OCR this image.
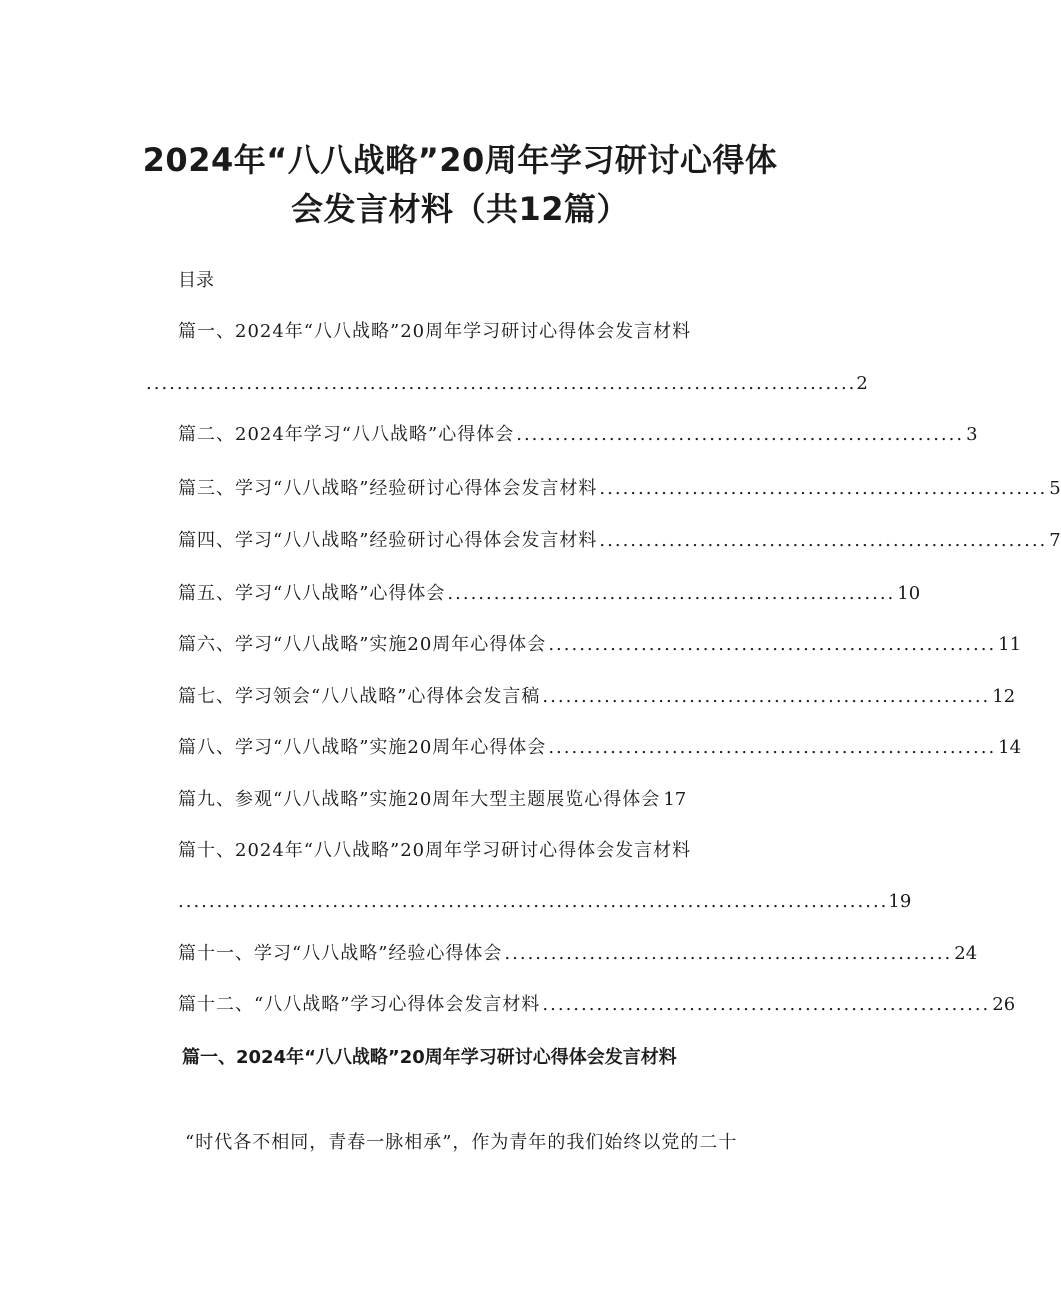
2024年“八八战略”20周年学习研讨心得体
会发言材料（共12篇）
目录
篇一、2024年“八八战略”20周年学习研讨心得体会发言材料
............................................................................................ 2
篇二、2024年学习“八八战略”心得体会 .......................................................... 3
篇三、学习“八八战略”经验研讨心得体会发言材料 .......................................................... 5
篇四、学习“八八战略”经验研讨心得体会发言材料 .......................................................... 7
篇五、学习“八八战略”心得体会 .......................................................... 10
篇六、学习“八八战略”实施20周年心得体会 .......................................................... 11
篇七、学习领会“八八战略”心得体会发言稿 .......................................................... 12
篇八、学习“八八战略”实施20周年心得体会 .......................................................... 14
篇九、参观“八八战略”实施20周年大型主题展览心得体会 17
篇十、2024年“八八战略”20周年学习研讨心得体会发言材料
............................................................................................ 19
篇十一、学习“八八战略”经验心得体会 .......................................................... 24
篇十二、“八八战略”学习心得体会发言材料 .......................................................... 26
篇一、2024年“八八战略”20周年学习研讨心得体会发言材料
“时代各不相同，青春一脉相承”，作为青年的我们始终以党的二十
